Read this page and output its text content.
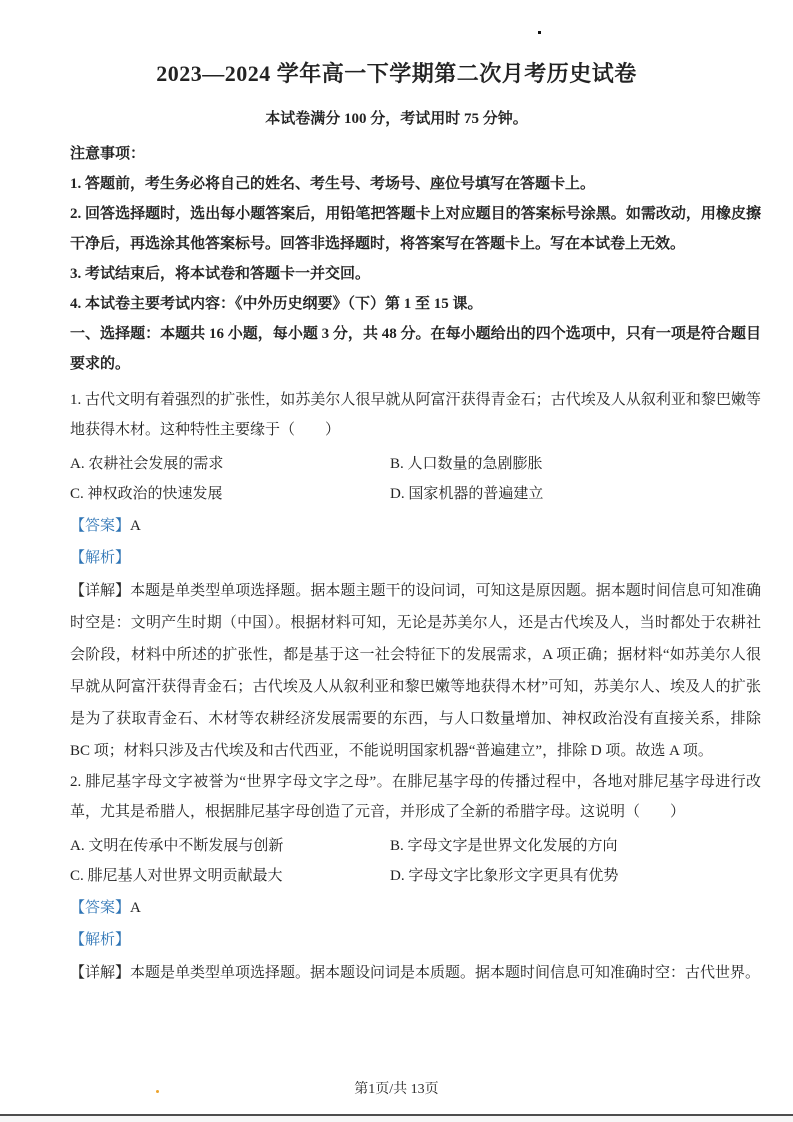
2023—2024 学年高一下学期第二次月考历史试卷
本试卷满分 100 分，考试用时 75 分钟。

注意事项：

1. 答题前，考生务必将自己的姓名、考生号、考场号、座位号填写在答题卡上。

2. 回答选择题时，选出每小题答案后，用铅笔把答题卡上对应题目的答案标号涂黑。如需改动，用橡皮擦干净后，再选涂其他答案标号。回答非选择题时，将答案写在答题卡上。写在本试卷上无效。

3. 考试结束后，将本试卷和答题卡一并交回。

4. 本试卷主要考试内容：《中外历史纲要》（下）第 1 至 15 课。

一、选择题：本题共 16 小题，每小题 3 分，共 48 分。在每小题给出的四个选项中，只有一项是符合题目要求的。

1. 古代文明有着强烈的扩张性，如苏美尔人很早就从阿富汗获得青金石；古代埃及人从叙利亚和黎巴嫩等地获得木材。这种特性主要缘于（　　）

A. 农耕社会发展的需求	B. 人口数量的急剧膨胀
C. 神权政治的快速发展	D. 国家机器的普遍建立

【答案】A

【解析】

【详解】本题是单类型单项选择题。据本题主题干的设问词，可知这是原因题。据本题时间信息可知准确时空是：文明产生时期（中国）。根据材料可知，无论是苏美尔人，还是古代埃及人，当时都处于农耕社会阶段，材料中所述的扩张性，都是基于这一社会特征下的发展需求，A 项正确；据材料“如苏美尔人很早就从阿富汗获得青金石；古代埃及人从叙利亚和黎巴嫩等地获得木材”可知，苏美尔人、埃及人的扩张是为了获取青金石、木材等农耕经济发展需要的东西，与人口数量增加、神权政治没有直接关系，排除 BC 项；材料只涉及古代埃及和古代西亚，不能说明国家机器“普遍建立”，排除 D 项。故选 A 项。

2. 腓尼基字母文字被誉为“世界字母文字之母”。在腓尼基字母的传播过程中，各地对腓尼基字母进行改革，尤其是希腊人，根据腓尼基字母创造了元音，并形成了全新的希腊字母。这说明（　　）

A. 文明在传承中不断发展与创新	B. 字母文字是世界文化发展的方向
C. 腓尼基人对世界文明贡献最大	D. 字母文字比象形文字更具有优势

【答案】A

【解析】

【详解】本题是单类型单项选择题。据本题设问词是本质题。据本题时间信息可知准确时空：古代世界。

第1页/共 13页
